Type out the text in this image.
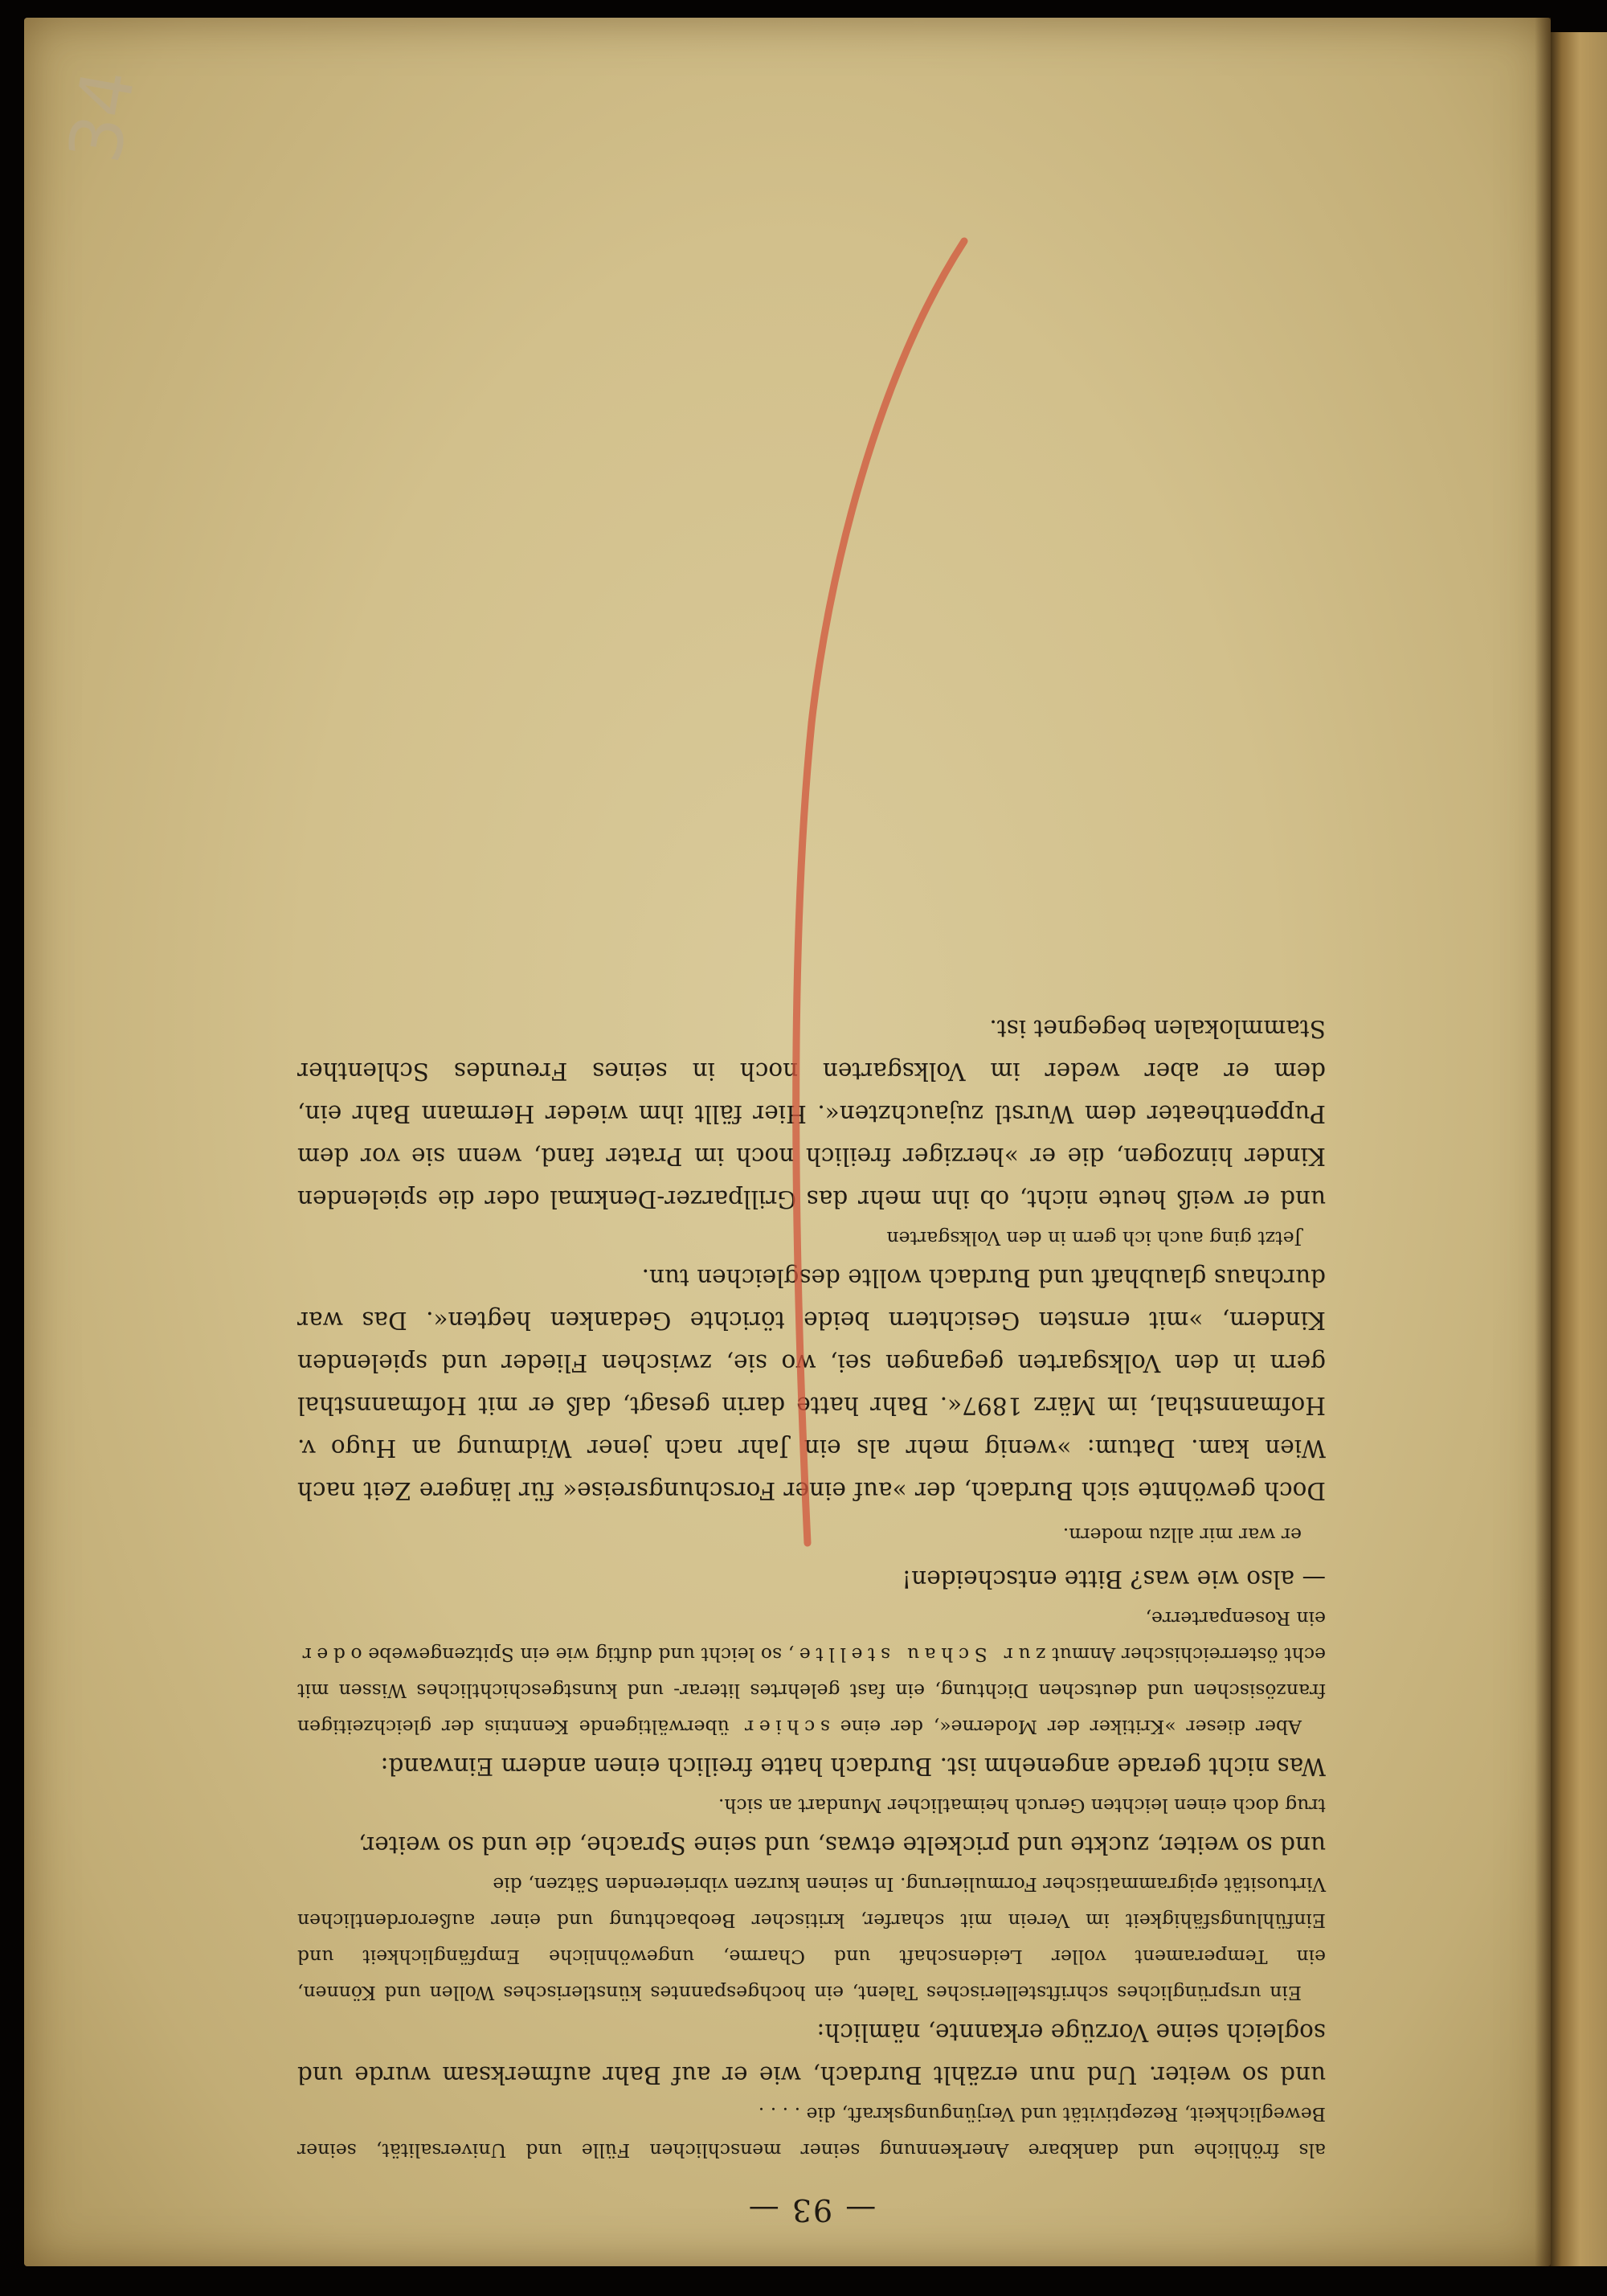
34
— 93 —

als fröhliche und dankbare Anerkennung seiner menschlichen Fülle und Universalität, seiner Beweglichkeit, Rezeptivität und Verjüngungskraft, die . . . .

und so weiter. Und nun erzählt Burdach, wie er auf Bahr aufmerksam wurde und sogleich seine Vorzüge erkannte, nämlich:

Ein ursprüngliches schriftstellerisches Talent, ein hochgespanntes künstlerisches Wollen und Können, ein Temperament voller Leidenschaft und Charme, ungewöhnliche Empfänglichkeit und Einfühlungsfähigkeit im Verein mit scharfer, kritischer Beobachtung und einer außerordentlichen Virtuosität epigrammatischer Formulierung. In seinen kurzen vibrierenden Sätzen, die

und so weiter, zuckte und prickelte etwas, und seine Sprache, die und so weiter,

trug doch einen leichten Geruch heimatlicher Mundart an sich.

Was nicht gerade angenehm ist. Burdach hatte freilich einen andern Einwand:

Aber dieser »Kritiker der Moderne«, der eine schier überwältigende Kenntnis der gleichzeitigen französischen und deutschen Dichtung, ein fast gelehrtes literar- und kunstgeschichtliches Wissen mit echt österreichischer Anmut zur Schau stellte, so leicht und duftig wie ein Spitzengewebe oder ein Rosenparterre,

— also wie was? Bitte entscheiden!

er war mir allzu modern.

Doch gewöhnte sich Burdach, der »auf einer Forschungsreise« für längere Zeit nach Wien kam. Datum: »wenig mehr als ein Jahr nach jener Widmung an Hugo v. Hofmannsthal, im März 1897«. Bahr hatte darin gesagt, daß er mit Hofmannsthal gern in den Volksgarten gegangen sei, wo sie, zwischen Flieder und spielenden Kindern, »mit ernsten Gesichtern beide törichte Gedanken hegten«. Das war durchaus glaubhaft und Burdach wollte desgleichen tun.

Jetzt ging auch ich gern in den Volksgarten

und er weiß heute nicht, ob ihn mehr das Grillparzer-Denkmal oder die spielenden Kinder hinzogen, die er »herziger freilich noch im Prater fand, wenn sie vor dem Puppentheater dem Wurstl zujauchzten«. Hier fällt ihm wieder Hermann Bahr ein, dem er aber weder im Volksgarten noch in seines Freundes Schlenther Stammlokalen begegnet ist.
